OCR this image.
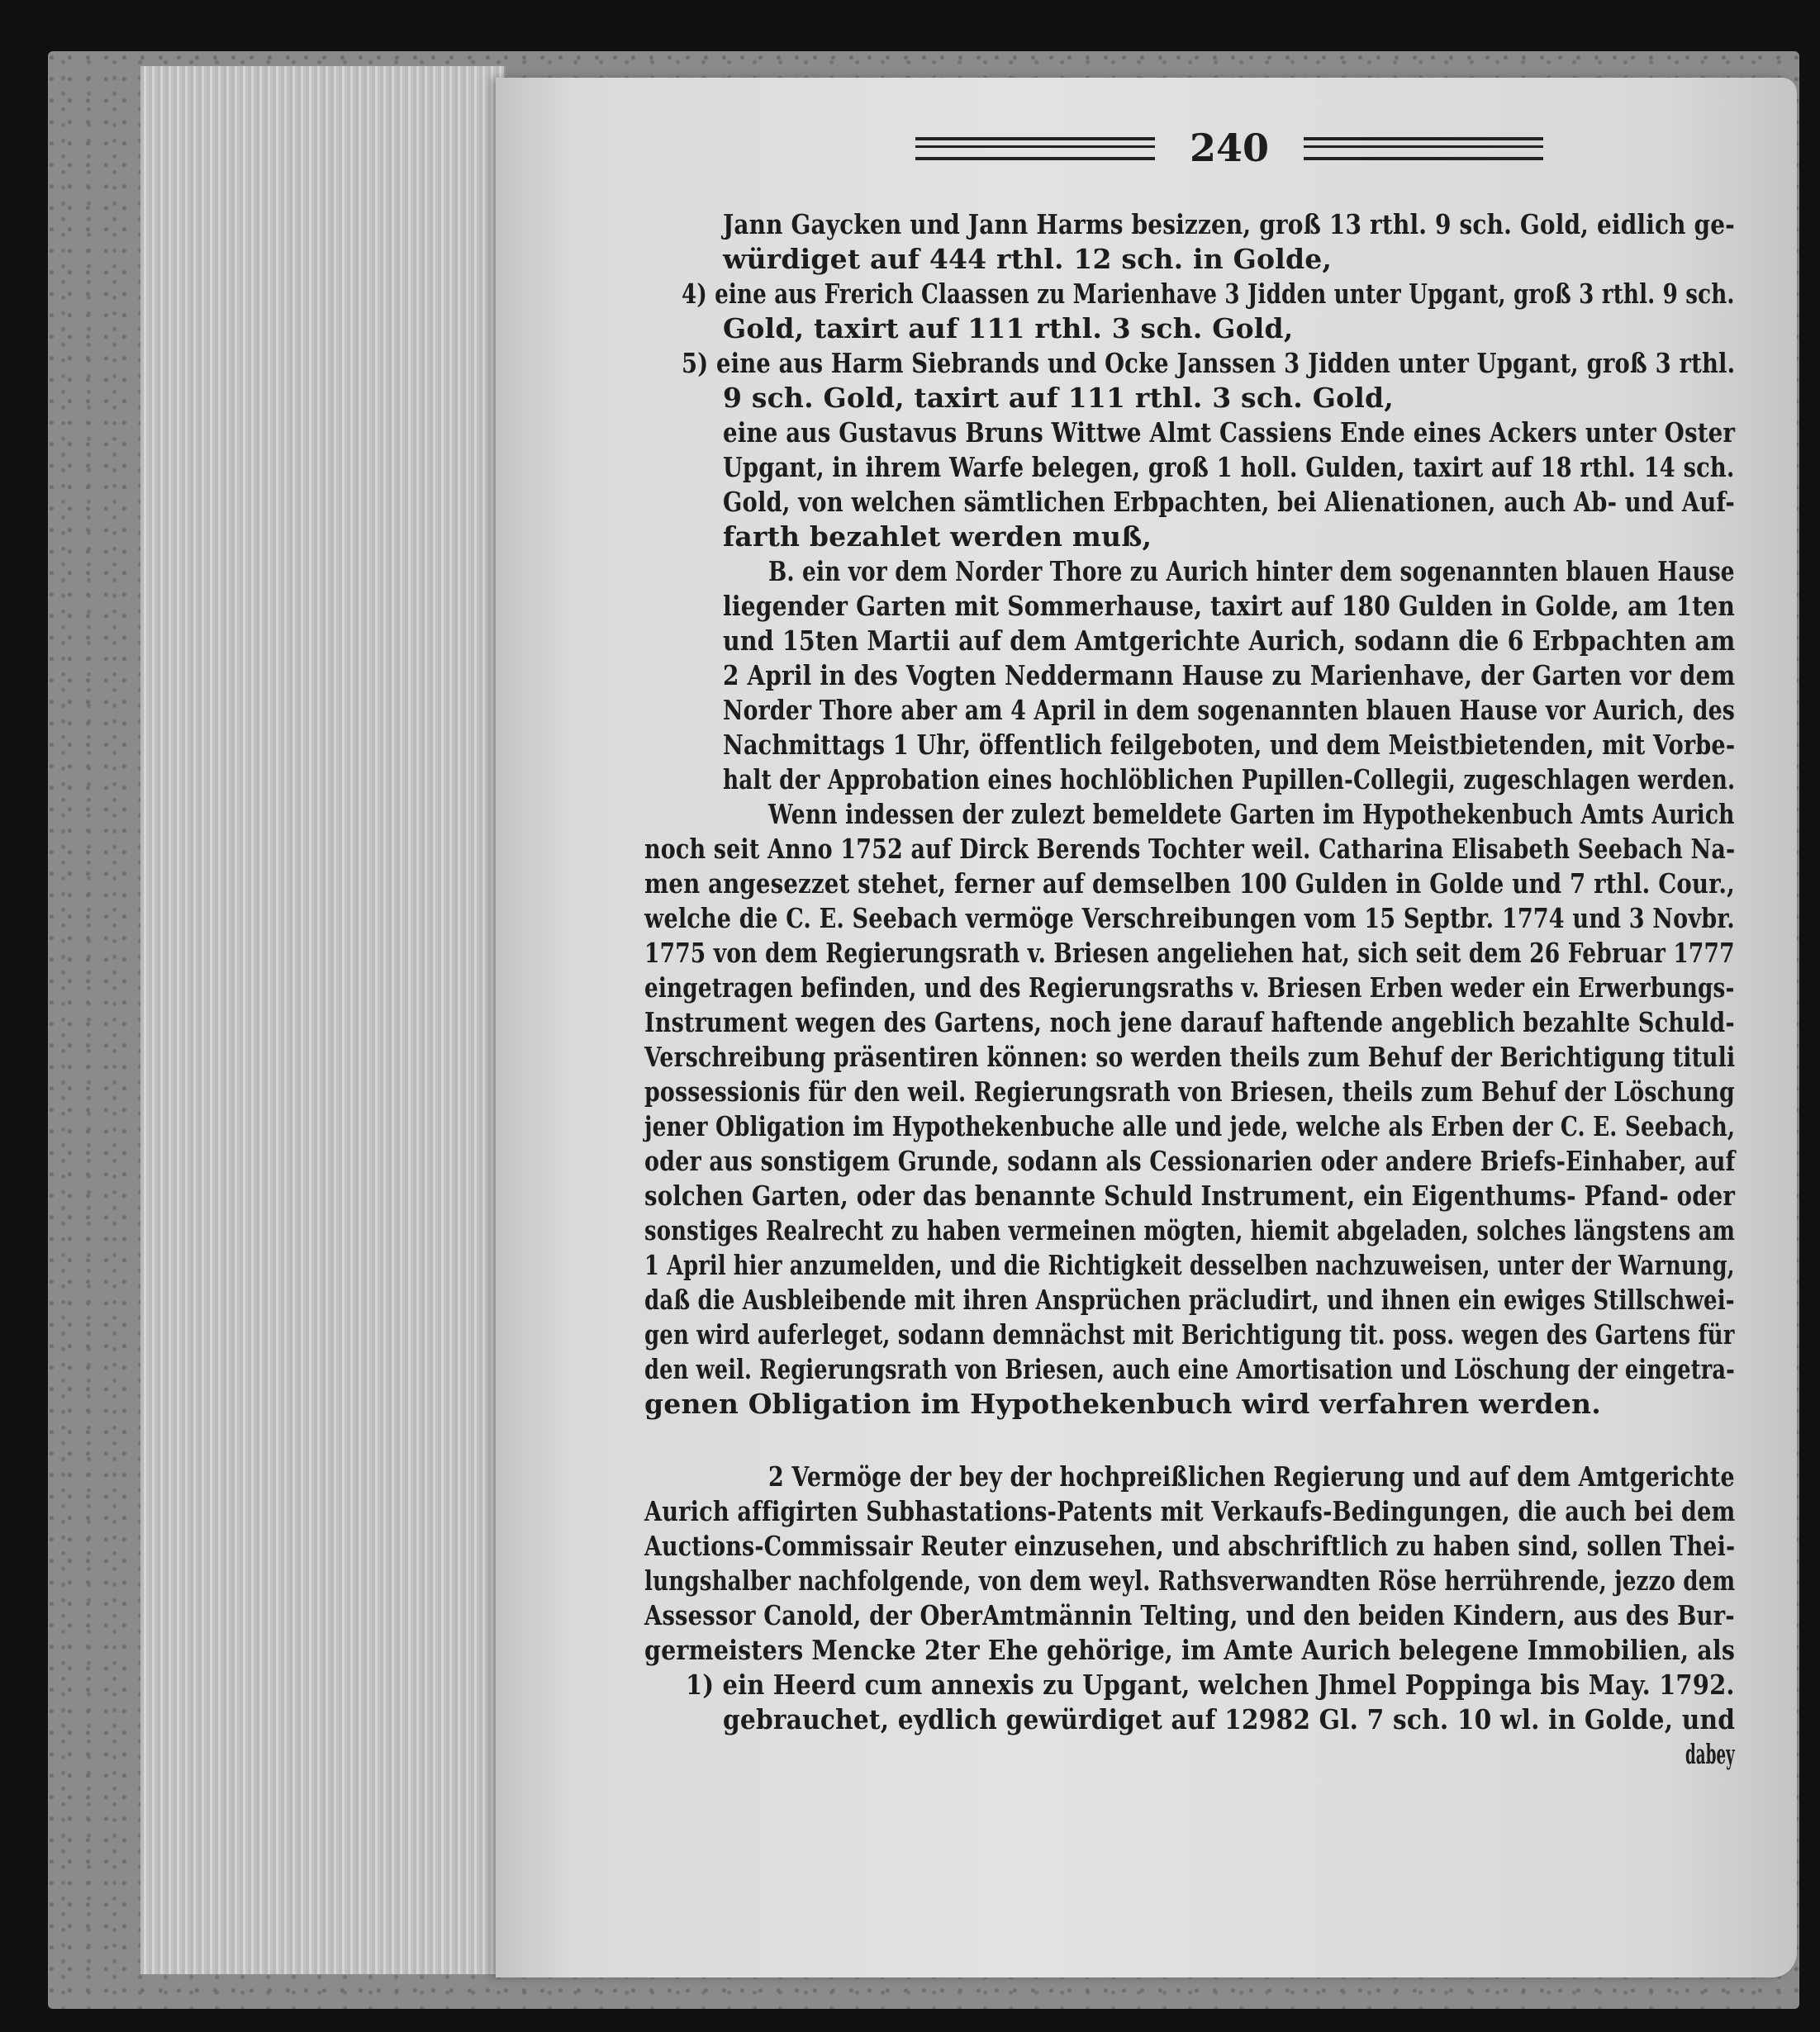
240
Jann Gaycken und Jann Harms besizzen, groß 13 rthl. 9 sch. Gold, eidlich ge-
würdiget auf 444 rthl. 12 sch. in Golde,
4) eine aus Frerich Claassen zu Marienhave 3 Jidden unter Upgant, groß 3 rthl. 9 sch.
Gold, taxirt auf 111 rthl. 3 sch. Gold,
5) eine aus Harm Siebrands und Ocke Janssen 3 Jidden unter Upgant, groß 3 rthl.
9 sch. Gold, taxirt auf 111 rthl. 3 sch. Gold,
eine aus Gustavus Bruns Wittwe Almt Cassiens Ende eines Ackers unter Oster
Upgant, in ihrem Warfe belegen, groß 1 holl. Gulden, taxirt auf 18 rthl. 14 sch.
Gold, von welchen sämtlichen Erbpachten, bei Alienationen, auch Ab- und Auf-
farth bezahlet werden muß,
B. ein vor dem Norder Thore zu Aurich hinter dem sogenannten blauen Hause
liegender Garten mit Sommerhause, taxirt auf 180 Gulden in Golde, am 1ten
und 15ten Martii auf dem Amtgerichte Aurich, sodann die 6 Erbpachten am
2 April in des Vogten Neddermann Hause zu Marienhave, der Garten vor dem
Norder Thore aber am 4 April in dem sogenannten blauen Hause vor Aurich, des
Nachmittags 1 Uhr, öffentlich feilgeboten, und dem Meistbietenden, mit Vorbe-
halt der Approbation eines hochlöblichen Pupillen-Collegii, zugeschlagen werden.
Wenn indessen der zulezt bemeldete Garten im Hypothekenbuch Amts Aurich
noch seit Anno 1752 auf Dirck Berends Tochter weil. Catharina Elisabeth Seebach Na-
men angesezzet stehet, ferner auf demselben 100 Gulden in Golde und 7 rthl. Cour.,
welche die C. E. Seebach vermöge Verschreibungen vom 15 Septbr. 1774 und 3 Novbr.
1775 von dem Regierungsrath v. Briesen angeliehen hat, sich seit dem 26 Februar 1777
eingetragen befinden, und des Regierungsraths v. Briesen Erben weder ein Erwerbungs-
Instrument wegen des Gartens, noch jene darauf haftende angeblich bezahlte Schuld-
Verschreibung präsentiren können: so werden theils zum Behuf der Berichtigung tituli
possessionis für den weil. Regierungsrath von Briesen, theils zum Behuf der Löschung
jener Obligation im Hypothekenbuche alle und jede, welche als Erben der C. E. Seebach,
oder aus sonstigem Grunde, sodann als Cessionarien oder andere Briefs-Einhaber, auf
solchen Garten, oder das benannte Schuld Instrument, ein Eigenthums- Pfand- oder
sonstiges Realrecht zu haben vermeinen mögten, hiemit abgeladen, solches längstens am
1 April hier anzumelden, und die Richtigkeit desselben nachzuweisen, unter der Warnung,
daß die Ausbleibende mit ihren Ansprüchen präcludirt, und ihnen ein ewiges Stillschwei-
gen wird auferleget, sodann demnächst mit Berichtigung tit. poss. wegen des Gartens für
den weil. Regierungsrath von Briesen, auch eine Amortisation und Löschung der eingetra-
genen Obligation im Hypothekenbuch wird verfahren werden.
2 Vermöge der bey der hochpreißlichen Regierung und auf dem Amtgerichte
Aurich affigirten Subhastations-Patents mit Verkaufs-Bedingungen, die auch bei dem
Auctions-Commissair Reuter einzusehen, und abschriftlich zu haben sind, sollen Thei-
lungshalber nachfolgende, von dem weyl. Rathsverwandten Röse herrührende, jezzo dem
Assessor Canold, der OberAmtmännin Telting, und den beiden Kindern, aus des Bur-
germeisters Mencke 2ter Ehe gehörige, im Amte Aurich belegene Immobilien, als
1) ein Heerd cum annexis zu Upgant, welchen Jhmel Poppinga bis May. 1792.
gebrauchet, eydlich gewürdiget auf 12982 Gl. 7 sch. 10 wl. in Golde, und
dabey
